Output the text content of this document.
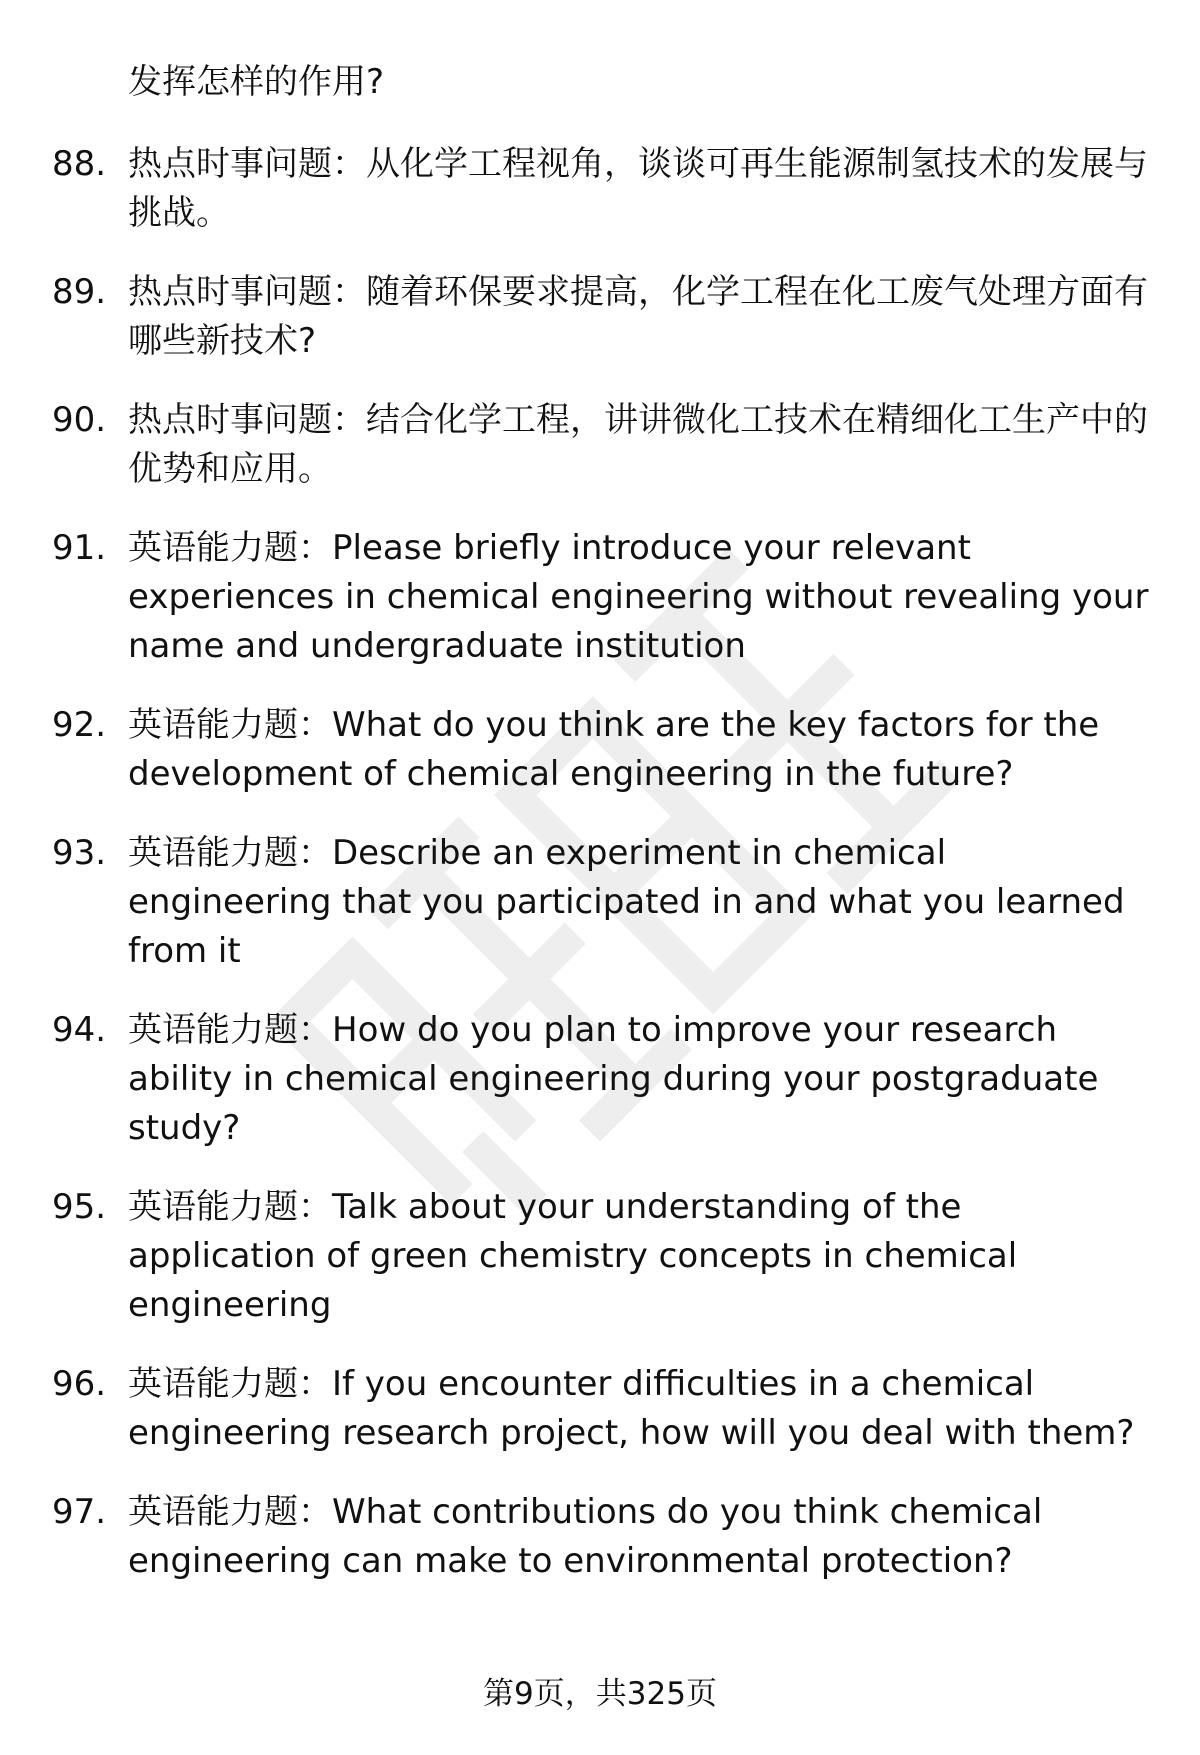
发挥怎样的作用?
88. 热点时事问题：从化学工程视角，谈谈可再生能源制氢技术的发展与挑战。
89. 热点时事问题：随着环保要求提高，化学工程在化工废气处理方面有哪些新技术?
90. 热点时事问题：结合化学工程，讲讲微化工技术在精细化工生产中的优势和应用。
91. 英语能力题：Please briefly introduce your relevant experiences in chemical engineering without revealing your name and undergraduate institution
92. 英语能力题：What do you think are the key factors for the development of chemical engineering in the future?
93. 英语能力题：Describe an experiment in chemical engineering that you participated in and what you learned from it
94. 英语能力题：How do you plan to improve your research ability in chemical engineering during your postgraduate study?
95. 英语能力题：Talk about your understanding of the application of green chemistry concepts in chemical engineering
96. 英语能力题：If you encounter difficulties in a chemical engineering research project, how will you deal with them?
97. 英语能力题：What contributions do you think chemical engineering can make to environmental protection?
第9页，共325页
